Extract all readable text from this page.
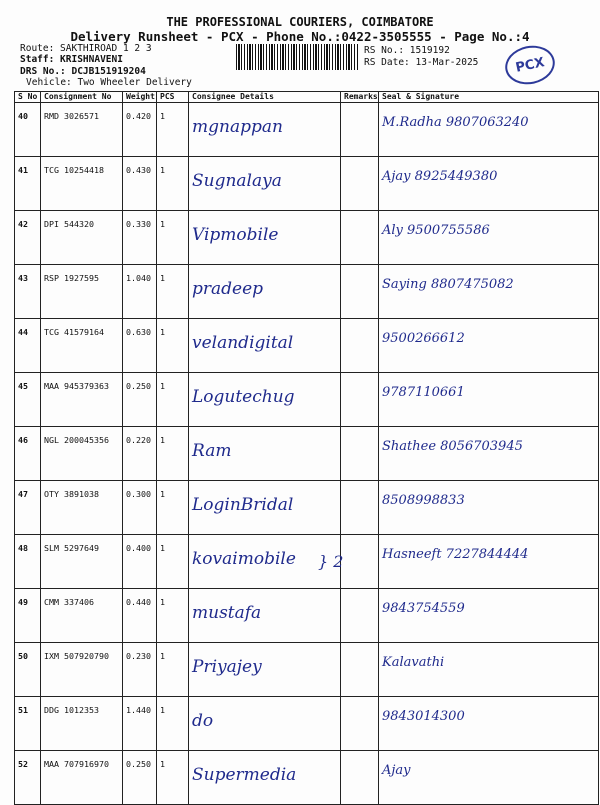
THE PROFESSIONAL COURIERS, COIMBATORE
Delivery Runsheet - PCX - Phone No.:0422-3505555 - Page No.:4
Route: SAKTHIROAD 1 2 3
Staff: KRISHNAVENI
DRS No.: DCJB151919204
Vehicle: Two Wheeler Delivery
RS No.: 1519192
RS Date: 13-Mar-2025	PCX
S No	Consignment No	Weight	PCS	Consignee Details	Remarks	Seal & Signature
40	RMD 3026571	0.420	1	mgnappan		M.Radha 9807063240

41	TCG 10254418	0.430	1	Sugnalaya		Ajay 8925449380

42	DPI 544320	0.330	1	Vipmobile		Aly 9500755586

43	RSP 1927595	1.040	1	pradeep		Saying 8807475082

44	TCG 41579164	0.630	1	velandigital		9500266612

45	MAA 945379363	0.250	1	Logutechug		9787110661

46	NGL 200045356	0.220	1	Ram		Shathee 8056703945

47	OTY 3891038	0.300	1	LoginBridal		8508998833

48	SLM 5297649	0.400	1	kovaimobile		Hasneeft 7227844444

49	CMM 337406	0.440	1	mustafa		9843754559

50	IXM 507920790	0.230	1	Priyajey		Kalavathi

51	DDG 1012353	1.440	1	do		9843014300

52	MAA 707916970	0.250	1	Supermedia		Ajay
} 2
